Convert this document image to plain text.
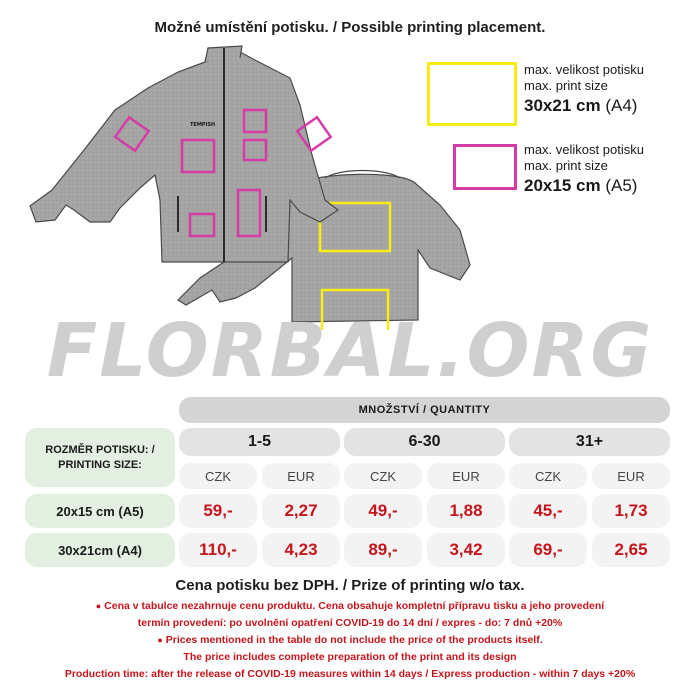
Možné umístění potisku. / Possible printing placement.
TEMPISH
max. velikost potisku
max. print size
30x21 cm (A4)
max. velikost potisku
max. print size
20x15 cm (A5)
FLORBAL.ORG
MNOŽSTVÍ / QUANTITY
1-5	6-30	31+
ROZMĚR POTISKU: /
PRINTING SIZE:
CZK	EUR	CZK	EUR	CZK	EUR
20x15 cm (A5)	59,-	2,27	49,-	1,88	45,-	1,73
30x21cm (A4)	110,-	4,23	89,-	3,42	69,-	2,65
Cena potisku bez DPH. / Prize of printing w/o tax.
● Cena v tabulce nezahrnuje cenu produktu. Cena obsahuje kompletní přípravu tisku a jeho provedení
termín provedení: po uvolnění opatření COVID-19 do 14 dní / expres - do: 7 dnů +20%
● Prices mentioned in the table do not include the price of the products itself.
The price includes complete preparation of the print and its design
Production time: after the release of COVID-19 measures within 14 days / Express production - within 7 days +20%
